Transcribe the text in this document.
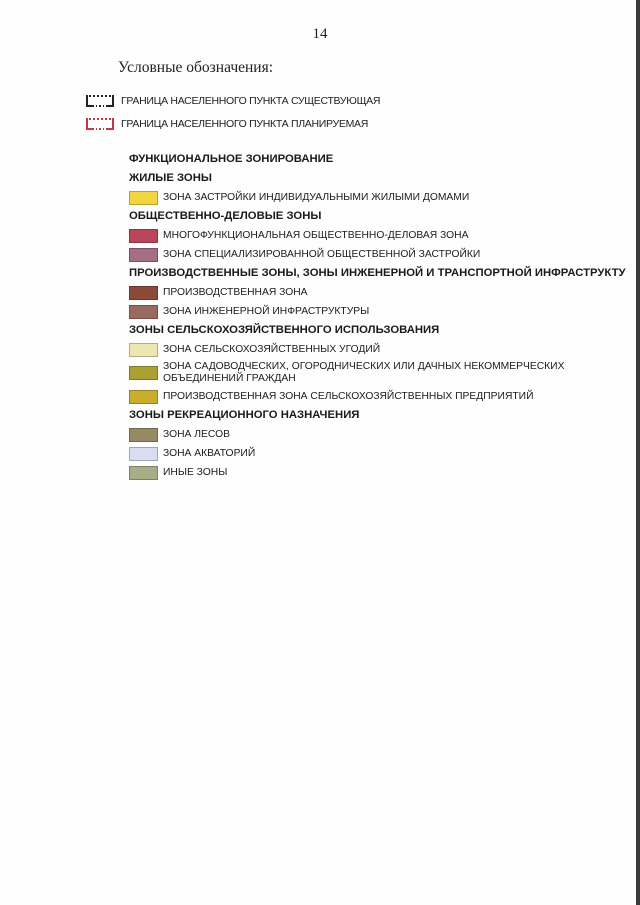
14
Условные обозначения:
ГРАНИЦА НАСЕЛЕННОГО ПУНКТА СУЩЕСТВУЮЩАЯ
ГРАНИЦА НАСЕЛЕННОГО ПУНКТА ПЛАНИРУЕМАЯ
ФУНКЦИОНАЛЬНОЕ ЗОНИРОВАНИЕ
ЖИЛЫЕ ЗОНЫ
ЗОНА ЗАСТРОЙКИ ИНДИВИДУАЛЬНЫМИ ЖИЛЫМИ ДОМАМИ
ОБЩЕСТВЕННО-ДЕЛОВЫЕ ЗОНЫ
МНОГОФУНКЦИОНАЛЬНАЯ ОБЩЕСТВЕННО-ДЕЛОВАЯ ЗОНА
ЗОНА СПЕЦИАЛИЗИРОВАННОЙ ОБЩЕСТВЕННОЙ ЗАСТРОЙКИ
ПРОИЗВОДСТВЕННЫЕ ЗОНЫ, ЗОНЫ ИНЖЕНЕРНОЙ И ТРАНСПОРТНОЙ ИНФРАСТРУКТУ
ПРОИЗВОДСТВЕННАЯ ЗОНА
ЗОНА ИНЖЕНЕРНОЙ ИНФРАСТРУКТУРЫ
ЗОНЫ СЕЛЬСКОХОЗЯЙСТВЕННОГО ИСПОЛЬЗОВАНИЯ
ЗОНА СЕЛЬСКОХОЗЯЙСТВЕННЫХ УГОДИЙ
ЗОНА САДОВОДЧЕСКИХ, ОГОРОДНИЧЕСКИХ ИЛИ ДАЧНЫХ НЕКОММЕРЧЕСКИХ ОБЪЕДИНЕНИЙ ГРАЖДАН
ПРОИЗВОДСТВЕННАЯ ЗОНА СЕЛЬСКОХОЗЯЙСТВЕННЫХ ПРЕДПРИЯТИЙ
ЗОНЫ РЕКРЕАЦИОННОГО НАЗНАЧЕНИЯ
ЗОНА ЛЕСОВ
ЗОНА АКВАТОРИЙ
ИНЫЕ ЗОНЫ
